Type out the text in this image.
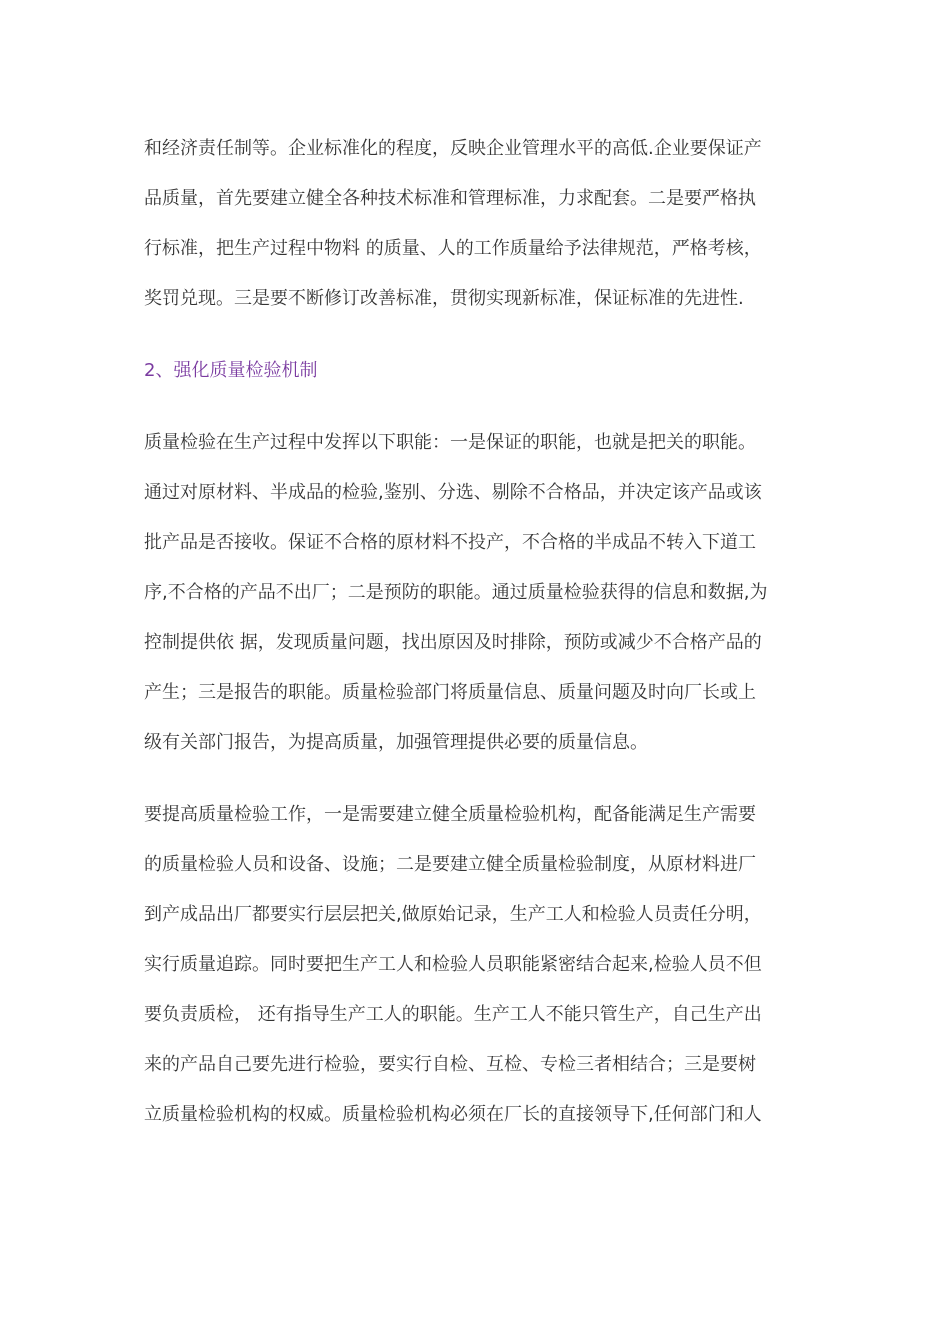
和经济责任制等。企业标准化的程度，反映企业管理水平的高低.企业要保证产
品质量，首先要建立健全各种技术标准和管理标准，力求配套。二是要严格执
行标准，把生产过程中物料 的质量、人的工作质量给予法律规范，严格考核，
奖罚兑现。三是要不断修订改善标准，贯彻实现新标准，保证标准的先进性.
2、强化质量检验机制
质量检验在生产过程中发挥以下职能：一是保证的职能，也就是把关的职能。
通过对原材料、半成品的检验,鉴别、分选、剔除不合格品，并决定该产品或该
批产品是否接收。保证不合格的原材料不投产，不合格的半成品不转入下道工
序,不合格的产品不出厂；二是预防的职能。通过质量检验获得的信息和数据,为
控制提供依 据，发现质量问题，找出原因及时排除，预防或减少不合格产品的
产生；三是报告的职能。质量检验部门将质量信息、质量问题及时向厂长或上
级有关部门报告，为提高质量，加强管理提供必要的质量信息。
要提高质量检验工作，一是需要建立健全质量检验机构，配备能满足生产需要
的质量检验人员和设备、设施；二是要建立健全质量检验制度，从原材料进厂
到产成品出厂都要实行层层把关,做原始记录，生产工人和检验人员责任分明，
实行质量追踪。同时要把生产工人和检验人员职能紧密结合起来,检验人员不但
要负责质检， 还有指导生产工人的职能。生产工人不能只管生产，自己生产出
来的产品自己要先进行检验，要实行自检、互检、专检三者相结合；三是要树
立质量检验机构的权威。质量检验机构必须在厂长的直接领导下,任何部门和人
